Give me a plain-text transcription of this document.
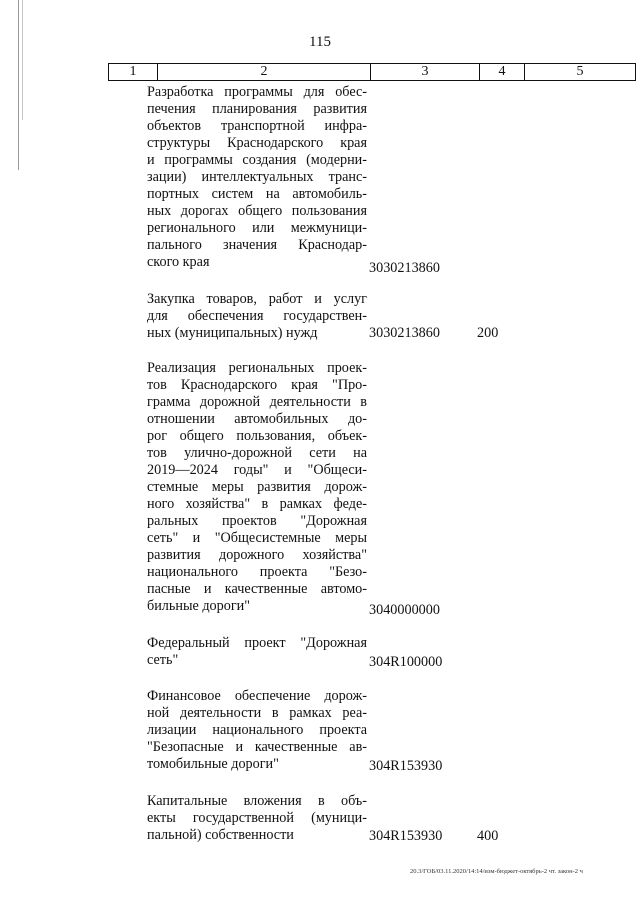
115
1	2	3	4	5
Разработка программы для обес-
печения планирования развития
объектов транспортной инфра-
структуры Краснодарского края
и программы создания (модерни-
зации) интеллектуальных транс-
портных систем на автомобиль-
ных дорогах общего пользования
регионального или межмуници-
пального значения Краснодар-
ского края	3030213860
Закупка товаров, работ и услуг
для обеспечения государствен-
ных (муниципальных) нужд	3030213860	200
Реализация региональных проек-
тов Краснодарского края "Про-
грамма дорожной деятельности в
отношении автомобильных до-
рог общего пользования, объек-
тов улично-дорожной сети на
2019—2024 годы" и "Общеси-
стемные меры развития дорож-
ного хозяйства" в рамках феде-
ральных проектов "Дорожная
сеть" и "Общесистемные меры
развития дорожного хозяйства"
национального проекта "Безо-
пасные и качественные автомо-
бильные дороги"	3040000000
Федеральный проект "Дорожная
сеть"	304R100000
Финансовое обеспечение дорож-
ной деятельности в рамках реа-
лизации национального проекта
"Безопасные и качественные ав-
томобильные дороги"	304R153930
Капитальные вложения в объ-
екты государственной (муници-
пальной) собственности	304R153930	400
20.3/ГОБ/03.11.2020/14:14/изм-бюджет-октябрь-2 чт. закон-2 ч
